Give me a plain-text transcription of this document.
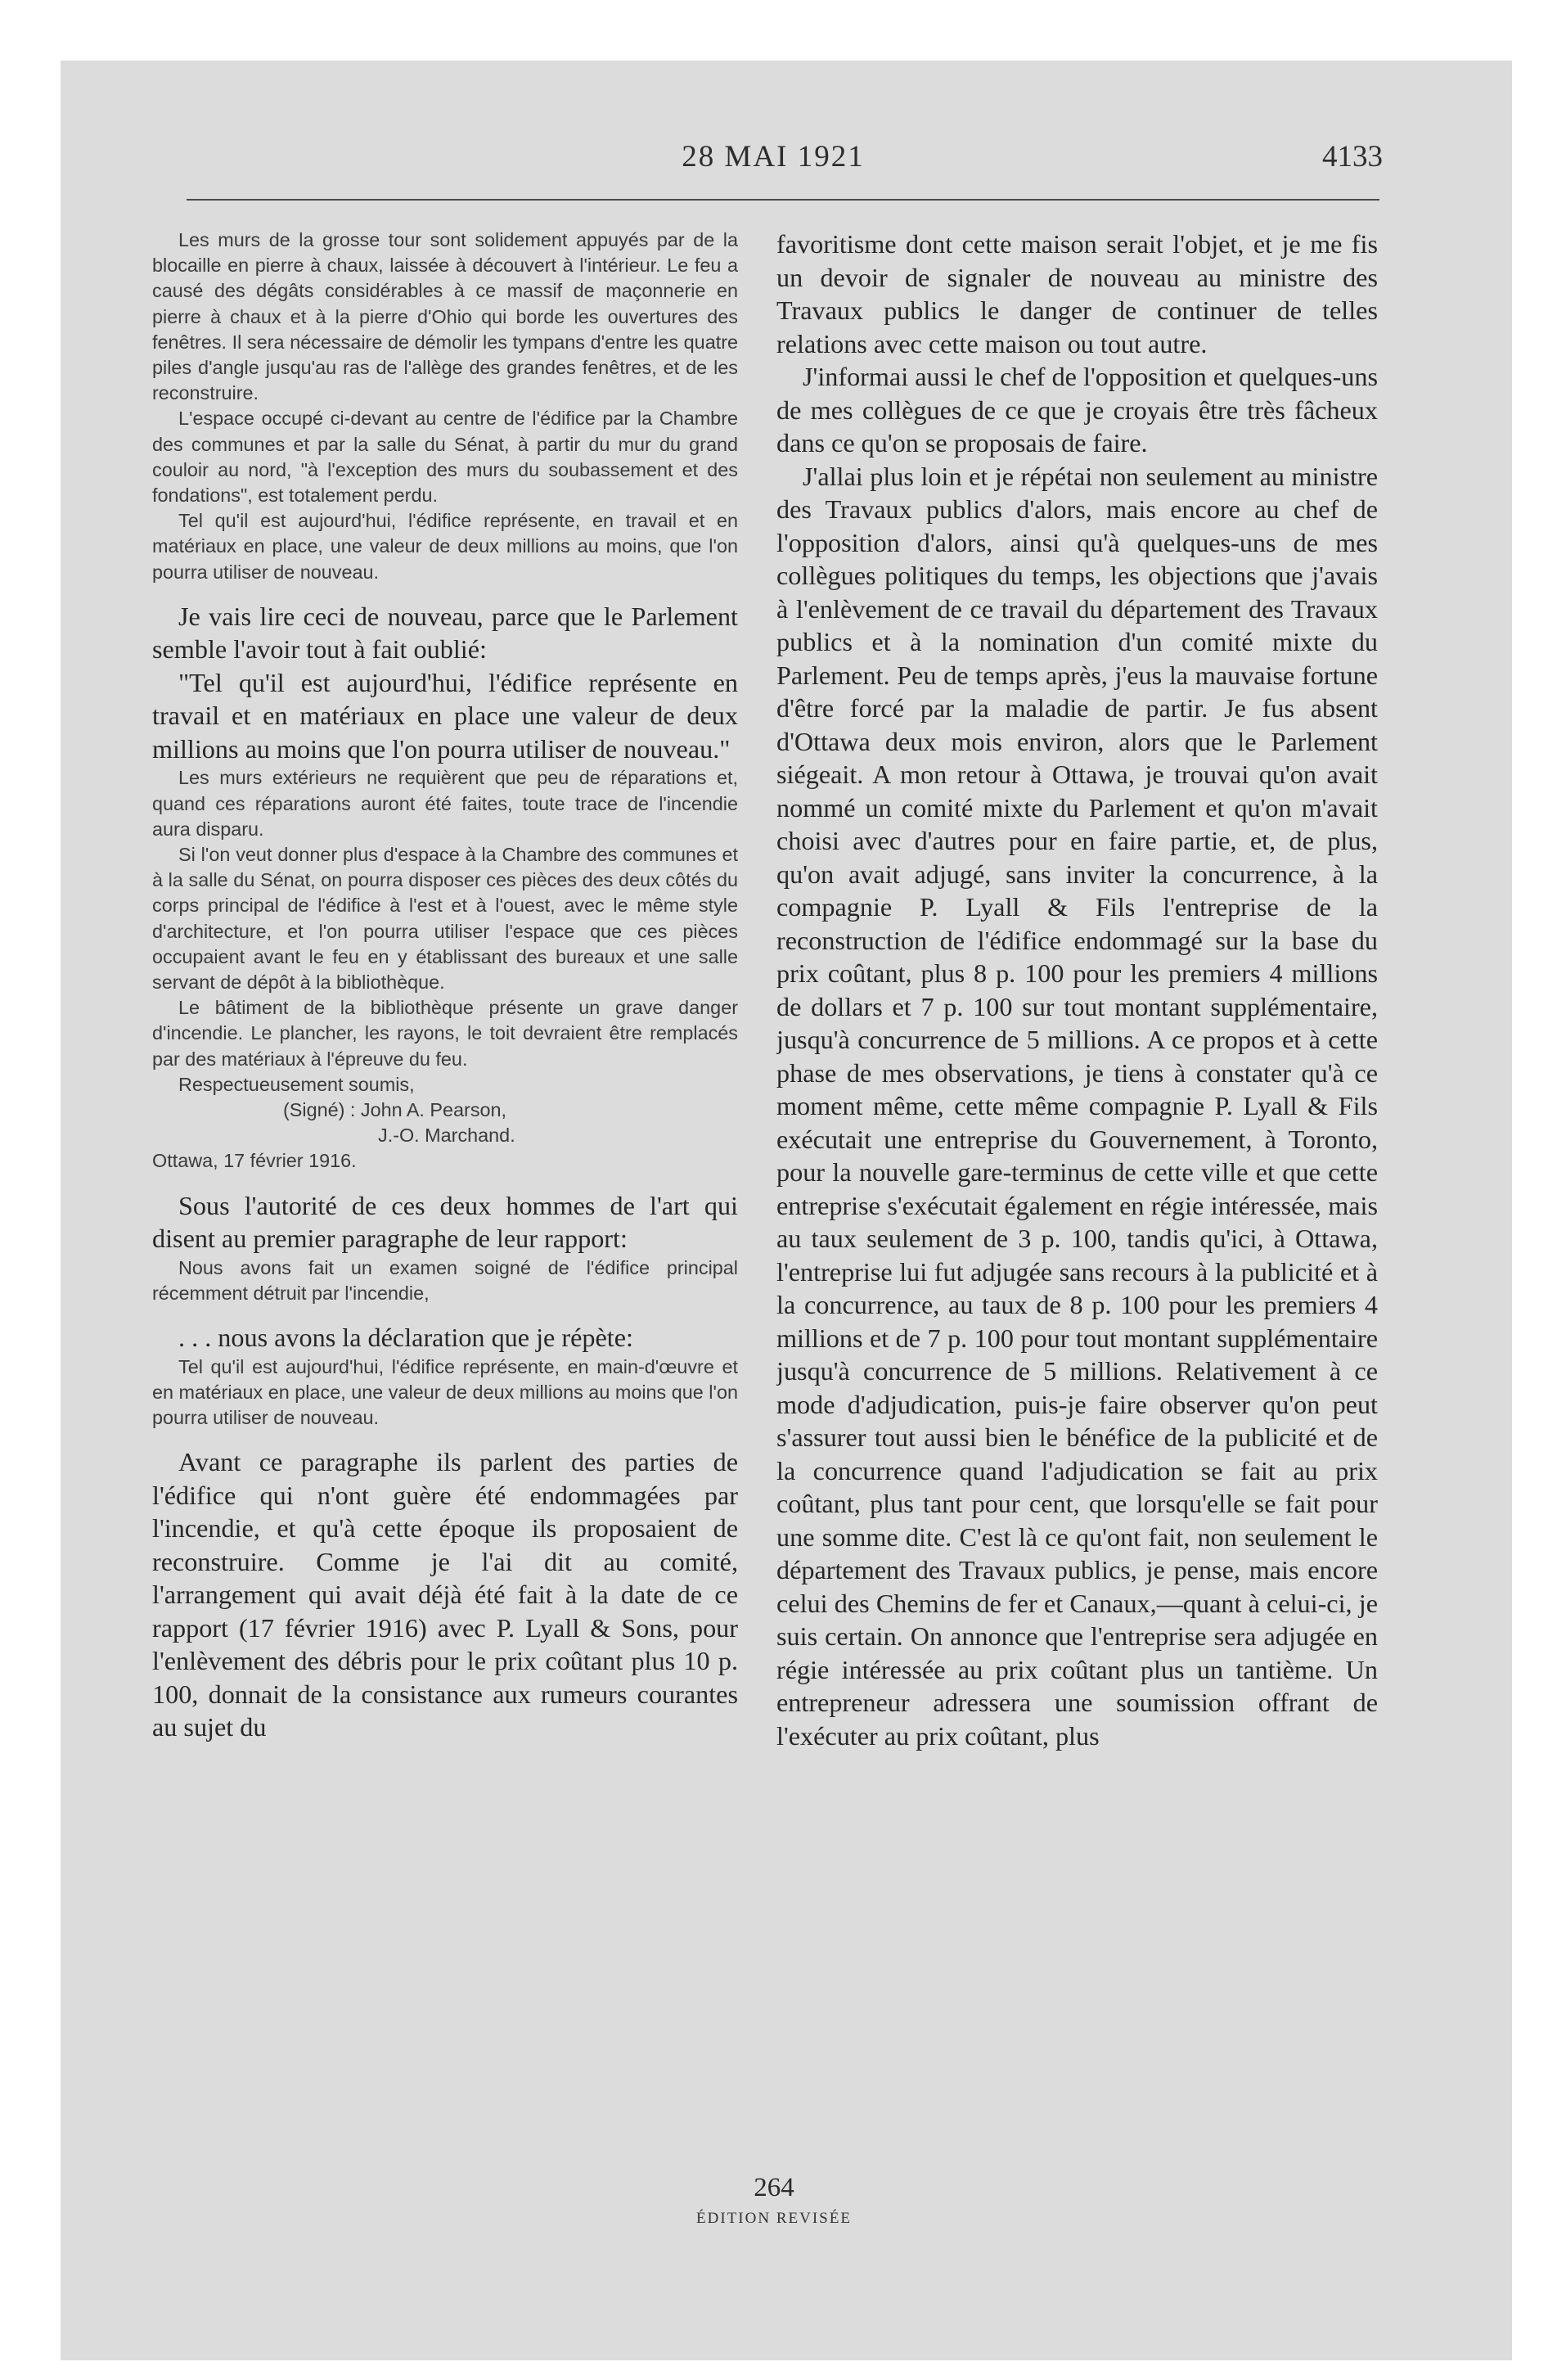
28 MAI 1921	4133

Les murs de la grosse tour sont solidement appuyés par de la blocaille en pierre à chaux, laissée à découvert à l'intérieur. Le feu a causé des dégâts considérables à ce massif de maçonnerie en pierre à chaux et à la pierre d'Ohio qui borde les ouvertures des fenêtres. Il sera nécessaire de démolir les tympans d'entre les quatre piles d'angle jusqu'au ras de l'allège des grandes fenêtres, et de les reconstruire.

L'espace occupé ci-devant au centre de l'édifice par la Chambre des communes et par la salle du Sénat, à partir du mur du grand couloir au nord, "à l'exception des murs du soubassement et des fondations", est totalement perdu.

Tel qu'il est aujourd'hui, l'édifice représente, en travail et en matériaux en place, une valeur de deux millions au moins, que l'on pourra utiliser de nouveau.

Je vais lire ceci de nouveau, parce que le Parlement semble l'avoir tout à fait oublié:

"Tel qu'il est aujourd'hui, l'édifice représente en travail et en matériaux en place une valeur de deux millions au moins que l'on pourra utiliser de nouveau."

Les murs extérieurs ne requièrent que peu de réparations et, quand ces réparations auront été faites, toute trace de l'incendie aura disparu.

Si l'on veut donner plus d'espace à la Chambre des communes et à la salle du Sénat, on pourra disposer ces pièces des deux côtés du corps principal de l'édifice à l'est et à l'ouest, avec le même style d'architecture, et l'on pourra utiliser l'espace que ces pièces occupaient avant le feu en y établissant des bureaux et une salle servant de dépôt à la bibliothèque.

Le bâtiment de la bibliothèque présente un grave danger d'incendie. Le plancher, les rayons, le toit devraient être remplacés par des matériaux à l'épreuve du feu.

Respectueusement soumis,

(Signé) : John A. Pearson,

J.-O. Marchand.

Ottawa, 17 février 1916.

Sous l'autorité de ces deux hommes de l'art qui disent au premier paragraphe de leur rapport:

Nous avons fait un examen soigné de l'édifice principal récemment détruit par l'incendie,

. . . nous avons la déclaration que je répète:

Tel qu'il est aujourd'hui, l'édifice représente, en main-d'œuvre et en matériaux en place, une valeur de deux millions au moins que l'on pourra utiliser de nouveau.

Avant ce paragraphe ils parlent des parties de l'édifice qui n'ont guère été endommagées par l'incendie, et qu'à cette époque ils proposaient de reconstruire. Comme je l'ai dit au comité, l'arrangement qui avait déjà été fait à la date de ce rapport (17 février 1916) avec P. Lyall & Sons, pour l'enlèvement des débris pour le prix coûtant plus 10 p. 100, donnait de la consistance aux rumeurs courantes au sujet du

favoritisme dont cette maison serait l'objet, et je me fis un devoir de signaler de nouveau au ministre des Travaux publics le danger de continuer de telles relations avec cette maison ou tout autre.

J'informai aussi le chef de l'opposition et quelques-uns de mes collègues de ce que je croyais être très fâcheux dans ce qu'on se proposais de faire.

J'allai plus loin et je répétai non seulement au ministre des Travaux publics d'alors, mais encore au chef de l'opposition d'alors, ainsi qu'à quelques-uns de mes collègues politiques du temps, les objections que j'avais à l'enlèvement de ce travail du département des Travaux publics et à la nomination d'un comité mixte du Parlement. Peu de temps après, j'eus la mauvaise fortune d'être forcé par la maladie de partir. Je fus absent d'Ottawa deux mois environ, alors que le Parlement siégeait. A mon retour à Ottawa, je trouvai qu'on avait nommé un comité mixte du Parlement et qu'on m'avait choisi avec d'autres pour en faire partie, et, de plus, qu'on avait adjugé, sans inviter la concurrence, à la compagnie P. Lyall & Fils l'entreprise de la reconstruction de l'édifice endommagé sur la base du prix coûtant, plus 8 p. 100 pour les premiers 4 millions de dollars et 7 p. 100 sur tout montant supplémentaire, jusqu'à concurrence de 5 millions. A ce propos et à cette phase de mes observations, je tiens à constater qu'à ce moment même, cette même compagnie P. Lyall & Fils exécutait une entreprise du Gouvernement, à Toronto, pour la nouvelle gare-terminus de cette ville et que cette entreprise s'exécutait également en régie intéressée, mais au taux seulement de 3 p. 100, tandis qu'ici, à Ottawa, l'entreprise lui fut adjugée sans recours à la publicité et à la concurrence, au taux de 8 p. 100 pour les premiers 4 millions et de 7 p. 100 pour tout montant supplémentaire jusqu'à concurrence de 5 millions. Relativement à ce mode d'adjudication, puis-je faire observer qu'on peut s'assurer tout aussi bien le bénéfice de la publicité et de la concurrence quand l'adjudication se fait au prix coûtant, plus tant pour cent, que lorsqu'elle se fait pour une somme dite. C'est là ce qu'ont fait, non seulement le département des Travaux publics, je pense, mais encore celui des Chemins de fer et Canaux,—quant à celui-ci, je suis certain. On annonce que l'entreprise sera adjugée en régie intéressée au prix coûtant plus un tantième. Un entrepreneur adressera une soumission offrant de l'exécuter au prix coûtant, plus

264
ÉDITION REVISÉE
